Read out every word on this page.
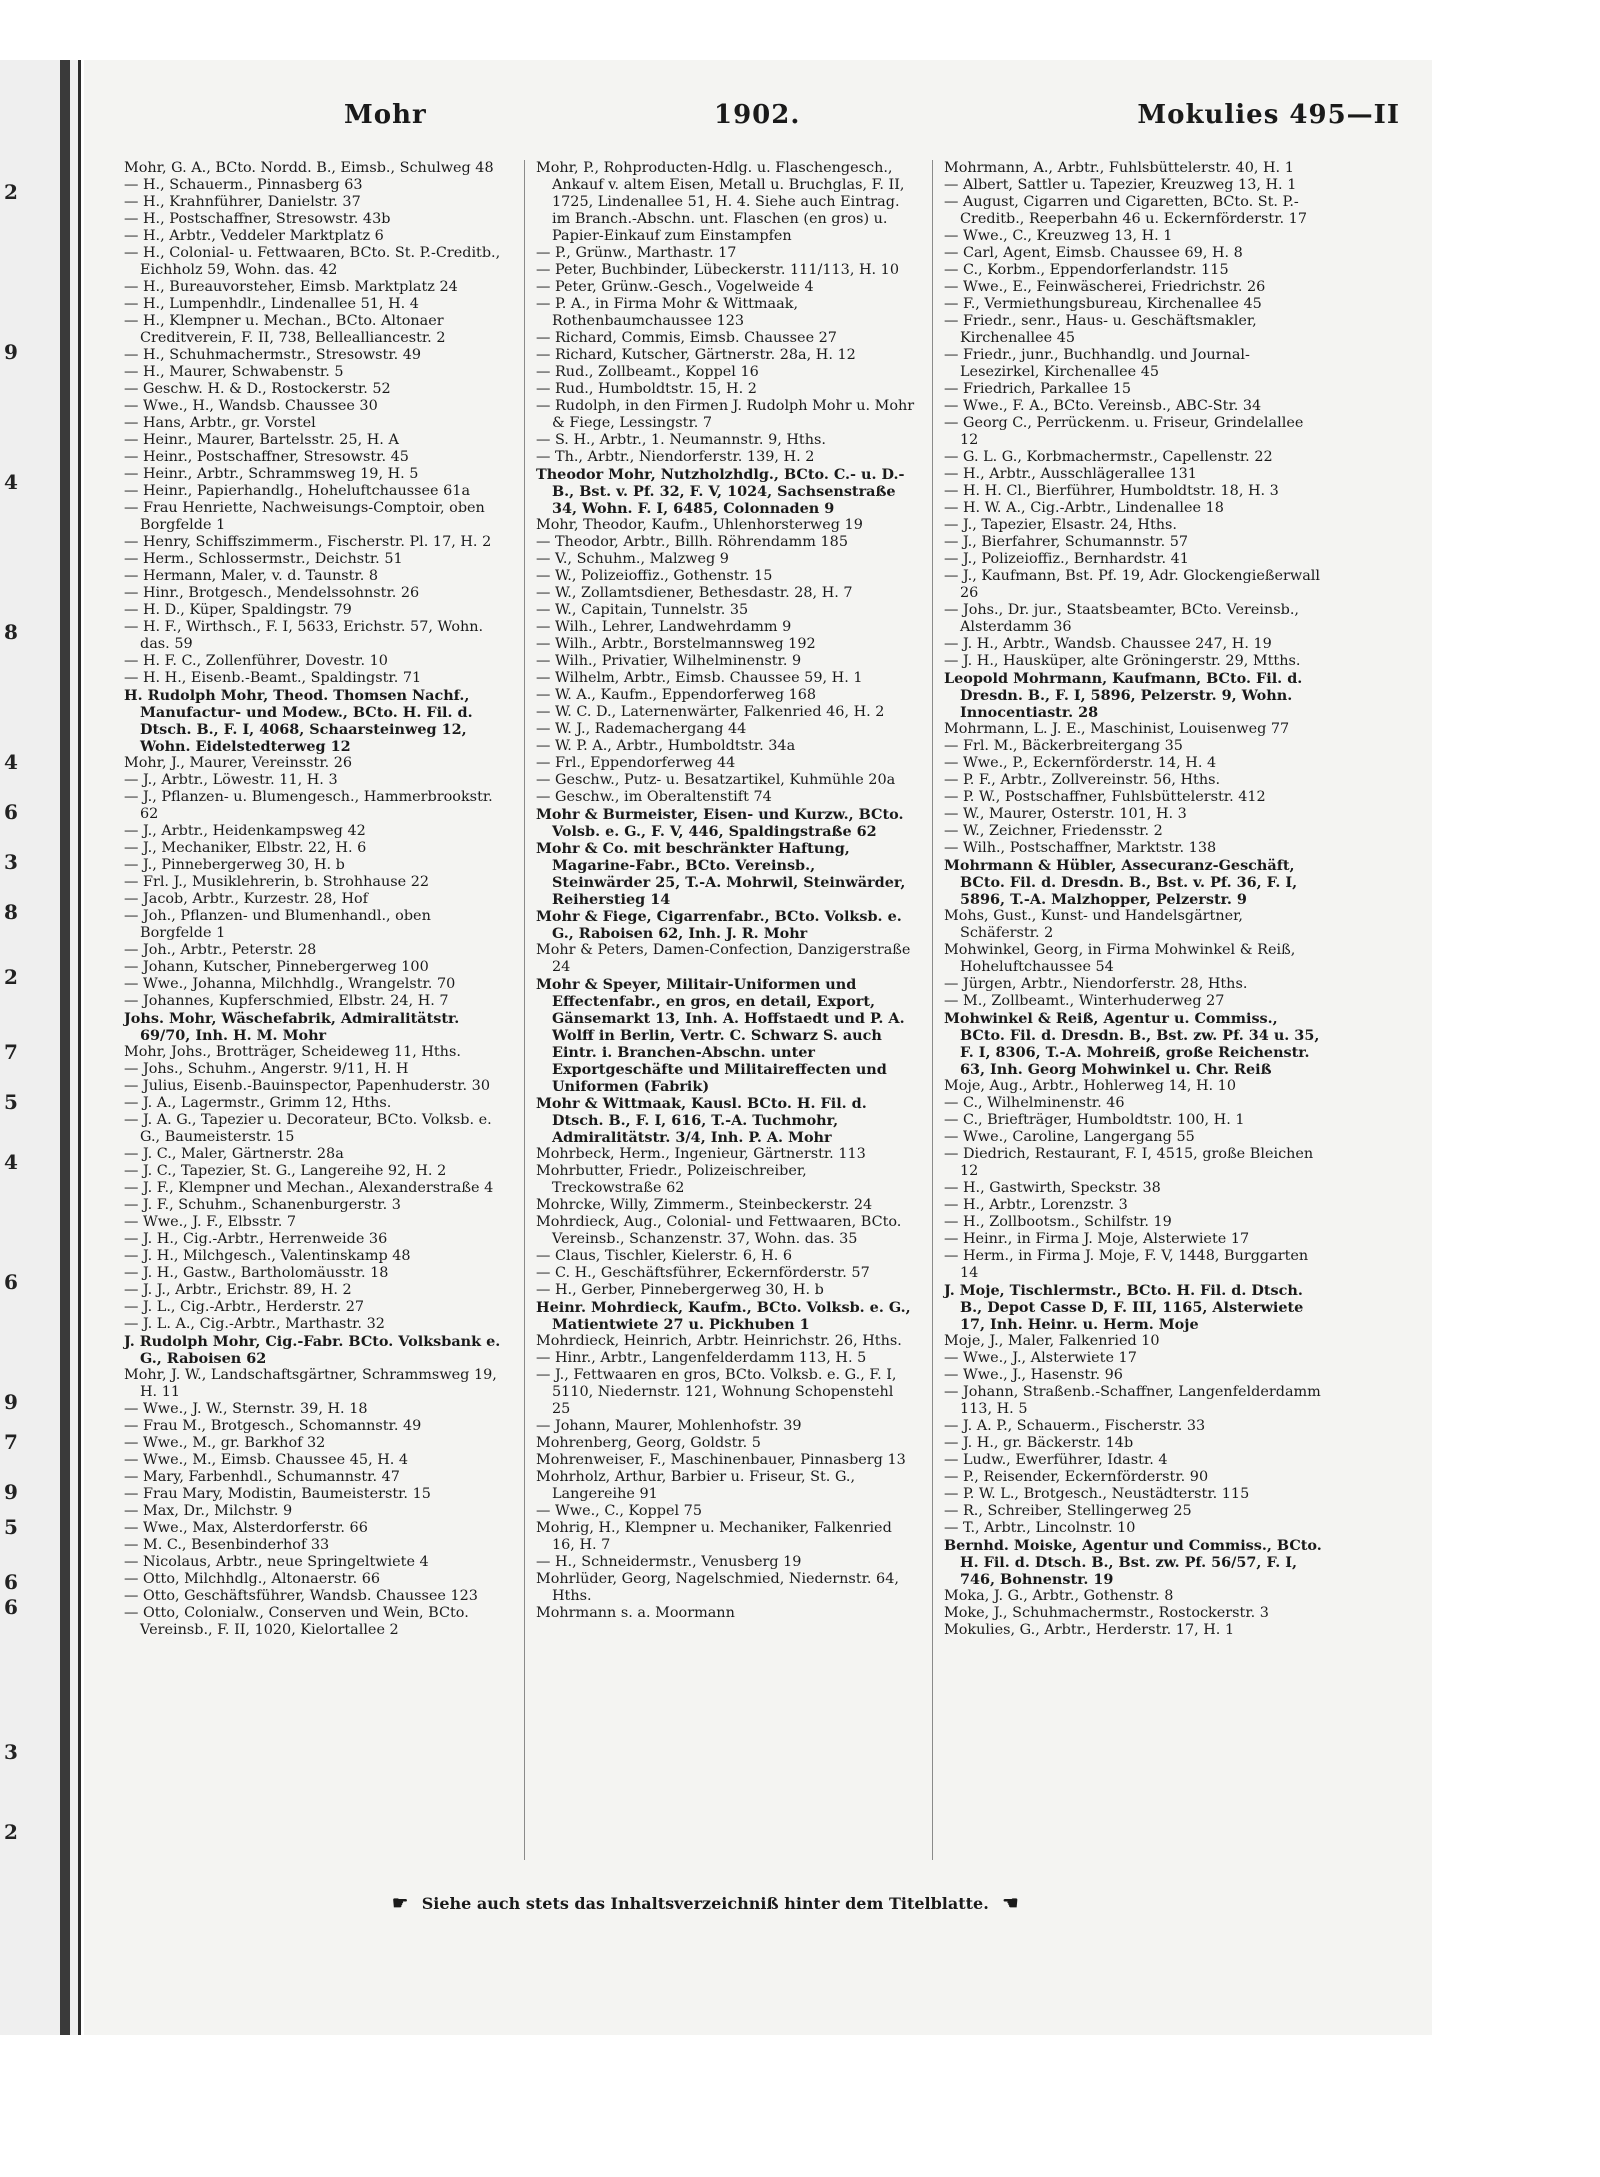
2
9
4
8
4
6
3
8
2
7
5
4
6
9
7
9
5
6
6
3
2
Mohr	1902.	Mokulies 495—II

Mohr, G. A., BCto. Nordd. B., Eimsb., Schulweg 48

— H., Schauerm., Pinnasberg 63

— H., Krahnführer, Danielstr. 37

— H., Postschaffner, Stresowstr. 43b

— H., Arbtr., Veddeler Marktplatz 6

— H., Colonial- u. Fettwaaren, BCto. St. P.-Creditb., Eichholz 59, Wohn. das. 42

— H., Bureauvorsteher, Eimsb. Marktplatz 24

— H., Lumpenhdlr., Lindenallee 51, H. 4

— H., Klempner u. Mechan., BCto. Altonaer Creditverein, F. II, 738, Bellealliancestr. 2

— H., Schuhmachermstr., Stresowstr. 49

— H., Maurer, Schwabenstr. 5

— Geschw. H. & D., Rostockerstr. 52

— Wwe., H., Wandsb. Chaussee 30

— Hans, Arbtr., gr. Vorstel

— Heinr., Maurer, Bartelsstr. 25, H. A

— Heinr., Postschaffner, Stresowstr. 45

— Heinr., Arbtr., Schrammsweg 19, H. 5

— Heinr., Papierhandlg., Hoheluftchaussee 61a

— Frau Henriette, Nachweisungs-Comptoir, oben Borgfelde 1

— Henry, Schiffszimmerm., Fischerstr. Pl. 17, H. 2

— Herm., Schlossermstr., Deichstr. 51

— Hermann, Maler, v. d. Taunstr. 8

— Hinr., Brotgesch., Mendelssohnstr. 26

— H. D., Küper, Spaldingstr. 79

— H. F., Wirthsch., F. I, 5633, Erichstr. 57, Wohn. das. 59

— H. F. C., Zollenführer, Dovestr. 10

— H. H., Eisenb.-Beamt., Spaldingstr. 71

H. Rudolph Mohr, Theod. Thomsen Nachf., Manufactur- und Modew., BCto. H. Fil. d. Dtsch. B., F. I, 4068, Schaarsteinweg 12, Wohn. Eidelstedterweg 12

Mohr, J., Maurer, Vereinsstr. 26

— J., Arbtr., Löwestr. 11, H. 3

— J., Pflanzen- u. Blumengesch., Hammerbrookstr. 62

— J., Arbtr., Heidenkampsweg 42

— J., Mechaniker, Elbstr. 22, H. 6

— J., Pinnebergerweg 30, H. b

— Frl. J., Musiklehrerin, b. Strohhause 22

— Jacob, Arbtr., Kurzestr. 28, Hof

— Joh., Pflanzen- und Blumenhandl., oben Borgfelde 1

— Joh., Arbtr., Peterstr. 28

— Johann, Kutscher, Pinnebergerweg 100

— Wwe., Johanna, Milchhdlg., Wrangelstr. 70

— Johannes, Kupferschmied, Elbstr. 24, H. 7

Johs. Mohr, Wäschefabrik, Admiralitätstr. 69/70, Inh. H. M. Mohr

Mohr, Johs., Brotträger, Scheideweg 11, Hths.

— Johs., Schuhm., Angerstr. 9/11, H. H

— Julius, Eisenb.-Bauinspector, Papenhuderstr. 30

— J. A., Lagermstr., Grimm 12, Hths.

— J. A. G., Tapezier u. Decorateur, BCto. Volksb. e. G., Baumeisterstr. 15

— J. C., Maler, Gärtnerstr. 28a

— J. C., Tapezier, St. G., Langereihe 92, H. 2

— J. F., Klempner und Mechan., Alexanderstraße 4

— J. F., Schuhm., Schanenburgerstr. 3

— Wwe., J. F., Elbsstr. 7

— J. H., Cig.-Arbtr., Herrenweide 36

— J. H., Milchgesch., Valentinskamp 48

— J. H., Gastw., Bartholomäusstr. 18

— J. J., Arbtr., Erichstr. 89, H. 2

— J. L., Cig.-Arbtr., Herderstr. 27

— J. L. A., Cig.-Arbtr., Marthastr. 32

J. Rudolph Mohr, Cig.-Fabr. BCto. Volksbank e. G., Raboisen 62

Mohr, J. W., Landschaftsgärtner, Schrammsweg 19, H. 11

— Wwe., J. W., Sternstr. 39, H. 18

— Frau M., Brotgesch., Schomannstr. 49

— Wwe., M., gr. Barkhof 32

— Wwe., M., Eimsb. Chaussee 45, H. 4

— Mary, Farbenhdl., Schumannstr. 47

— Frau Mary, Modistin, Baumeisterstr. 15

— Max, Dr., Milchstr. 9

— Wwe., Max, Alsterdorferstr. 66

— M. C., Besenbinderhof 33

— Nicolaus, Arbtr., neue Springeltwiete 4

— Otto, Milchhdlg., Altonaerstr. 66

— Otto, Geschäftsführer, Wandsb. Chaussee 123

— Otto, Colonialw., Conserven und Wein, BCto. Vereinsb., F. II, 1020, Kielortallee 2

Mohr, P., Rohproducten-Hdlg. u. Flaschengesch., Ankauf v. altem Eisen, Metall u. Bruchglas, F. II, 1725, Lindenallee 51, H. 4. Siehe auch Eintrag. im Branch.-Abschn. unt. Flaschen (en gros) u. Papier-Einkauf zum Einstampfen

— P., Grünw., Marthastr. 17

— Peter, Buchbinder, Lübeckerstr. 111/113, H. 10

— Peter, Grünw.-Gesch., Vogelweide 4

— P. A., in Firma Mohr & Wittmaak, Rothenbaumchaussee 123

— Richard, Commis, Eimsb. Chaussee 27

— Richard, Kutscher, Gärtnerstr. 28a, H. 12

— Rud., Zollbeamt., Koppel 16

— Rud., Humboldtstr. 15, H. 2

— Rudolph, in den Firmen J. Rudolph Mohr u. Mohr & Fiege, Lessingstr. 7

— S. H., Arbtr., 1. Neumannstr. 9, Hths.

— Th., Arbtr., Niendorferstr. 139, H. 2

Theodor Mohr, Nutzholzhdlg., BCto. C.- u. D.-B., Bst. v. Pf. 32, F. V, 1024, Sachsenstraße 34, Wohn. F. I, 6485, Colonnaden 9

Mohr, Theodor, Kaufm., Uhlenhorsterweg 19

— Theodor, Arbtr., Billh. Röhrendamm 185

— V., Schuhm., Malzweg 9

— W., Polizeioffiz., Gothenstr. 15

— W., Zollamtsdiener, Bethesdastr. 28, H. 7

— W., Capitain, Tunnelstr. 35

— Wilh., Lehrer, Landwehrdamm 9

— Wilh., Arbtr., Borstelmannsweg 192

— Wilh., Privatier, Wilhelminenstr. 9

— Wilhelm, Arbtr., Eimsb. Chaussee 59, H. 1

— W. A., Kaufm., Eppendorferweg 168

— W. C. D., Laternenwärter, Falkenried 46, H. 2

— W. J., Rademachergang 44

— W. P. A., Arbtr., Humboldtstr. 34a

— Frl., Eppendorferweg 44

— Geschw., Putz- u. Besatzartikel, Kuhmühle 20a

— Geschw., im Oberaltenstift 74

Mohr & Burmeister, Eisen- und Kurzw., BCto. Volsb. e. G., F. V, 446, Spaldingstraße 62

Mohr & Co. mit beschränkter Haftung, Magarine-Fabr., BCto. Vereinsb., Steinwärder 25, T.-A. Mohrwil, Steinwärder, Reiherstieg 14

Mohr & Fiege, Cigarrenfabr., BCto. Volksb. e. G., Raboisen 62, Inh. J. R. Mohr

Mohr & Peters, Damen-Confection, Danzigerstraße 24

Mohr & Speyer, Militair-Uniformen und Effectenfabr., en gros, en detail, Export, Gänsemarkt 13, Inh. A. Hoffstaedt und P. A. Wolff in Berlin, Vertr. C. Schwarz S. auch Eintr. i. Branchen-Abschn. unter Exportgeschäfte und Militaireffecten und Uniformen (Fabrik)

Mohr & Wittmaak, Kausl. BCto. H. Fil. d. Dtsch. B., F. I, 616, T.-A. Tuchmohr, Admiralitätstr. 3/4, Inh. P. A. Mohr

Mohrbeck, Herm., Ingenieur, Gärtnerstr. 113

Mohrbutter, Friedr., Polizeischreiber, Treckowstraße 62

Mohrcke, Willy, Zimmerm., Steinbeckerstr. 24

Mohrdieck, Aug., Colonial- und Fettwaaren, BCto. Vereinsb., Schanzenstr. 37, Wohn. das. 35

— Claus, Tischler, Kielerstr. 6, H. 6

— C. H., Geschäftsführer, Eckernförderstr. 57

— H., Gerber, Pinnebergerweg 30, H. b

Heinr. Mohrdieck, Kaufm., BCto. Volksb. e. G., Matientwiete 27 u. Pickhuben 1

Mohrdieck, Heinrich, Arbtr. Heinrichstr. 26, Hths.

— Hinr., Arbtr., Langenfelderdamm 113, H. 5

— J., Fettwaaren en gros, BCto. Volksb. e. G., F. I, 5110, Niedernstr. 121, Wohnung Schopenstehl 25

— Johann, Maurer, Mohlenhofstr. 39

Mohrenberg, Georg, Goldstr. 5

Mohrenweiser, F., Maschinenbauer, Pinnasberg 13

Mohrholz, Arthur, Barbier u. Friseur, St. G., Langereihe 91

— Wwe., C., Koppel 75

Mohrig, H., Klempner u. Mechaniker, Falkenried 16, H. 7

— H., Schneidermstr., Venusberg 19

Mohrlüder, Georg, Nagelschmied, Niedernstr. 64, Hths.

Mohrmann s. a. Moormann

Mohrmann, A., Arbtr., Fuhlsbüttelerstr. 40, H. 1

— Albert, Sattler u. Tapezier, Kreuzweg 13, H. 1

— August, Cigarren und Cigaretten, BCto. St. P.-Creditb., Reeperbahn 46 u. Eckernförderstr. 17

— Wwe., C., Kreuzweg 13, H. 1

— Carl, Agent, Eimsb. Chaussee 69, H. 8

— C., Korbm., Eppendorferlandstr. 115

— Wwe., E., Feinwäscherei, Friedrichstr. 26

— F., Vermiethungsbureau, Kirchenallee 45

— Friedr., senr., Haus- u. Geschäftsmakler, Kirchenallee 45

— Friedr., junr., Buchhandlg. und Journal-Lesezirkel, Kirchenallee 45

— Friedrich, Parkallee 15

— Wwe., F. A., BCto. Vereinsb., ABC-Str. 34

— Georg C., Perrückenm. u. Friseur, Grindelallee 12

— G. L. G., Korbmachermstr., Capellenstr. 22

— H., Arbtr., Ausschlägerallee 131

— H. H. Cl., Bierführer, Humboldtstr. 18, H. 3

— H. W. A., Cig.-Arbtr., Lindenallee 18

— J., Tapezier, Elsastr. 24, Hths.

— J., Bierfahrer, Schumannstr. 57

— J., Polizeioffiz., Bernhardstr. 41

— J., Kaufmann, Bst. Pf. 19, Adr. Glockengießerwall 26

— Johs., Dr. jur., Staatsbeamter, BCto. Vereinsb., Alsterdamm 36

— J. H., Arbtr., Wandsb. Chaussee 247, H. 19

— J. H., Hausküper, alte Gröningerstr. 29, Mtths.

Leopold Mohrmann, Kaufmann, BCto. Fil. d. Dresdn. B., F. I, 5896, Pelzerstr. 9, Wohn. Innocentiastr. 28

Mohrmann, L. J. E., Maschinist, Louisenweg 77

— Frl. M., Bäckerbreitergang 35

— Wwe., P., Eckernförderstr. 14, H. 4

— P. F., Arbtr., Zollvereinstr. 56, Hths.

— P. W., Postschaffner, Fuhlsbüttelerstr. 412

— W., Maurer, Osterstr. 101, H. 3

— W., Zeichner, Friedensstr. 2

— Wilh., Postschaffner, Marktstr. 138

Mohrmann & Hübler, Assecuranz-Geschäft, BCto. Fil. d. Dresdn. B., Bst. v. Pf. 36, F. I, 5896, T.-A. Malzhopper, Pelzerstr. 9

Mohs, Gust., Kunst- und Handelsgärtner, Schäferstr. 2

Mohwinkel, Georg, in Firma Mohwinkel & Reiß, Hoheluftchaussee 54

— Jürgen, Arbtr., Niendorferstr. 28, Hths.

— M., Zollbeamt., Winterhuderweg 27

Mohwinkel & Reiß, Agentur u. Commiss., BCto. Fil. d. Dresdn. B., Bst. zw. Pf. 34 u. 35, F. I, 8306, T.-A. Mohreiß, große Reichenstr. 63, Inh. Georg Mohwinkel u. Chr. Reiß

Moje, Aug., Arbtr., Hohlerweg 14, H. 10

— C., Wilhelminenstr. 46

— C., Briefträger, Humboldtstr. 100, H. 1

— Wwe., Caroline, Langergang 55

— Diedrich, Restaurant, F. I, 4515, große Bleichen 12

— H., Gastwirth, Speckstr. 38

— H., Arbtr., Lorenzstr. 3

— H., Zollbootsm., Schilfstr. 19

— Heinr., in Firma J. Moje, Alsterwiete 17

— Herm., in Firma J. Moje, F. V, 1448, Burggarten 14

J. Moje, Tischlermstr., BCto. H. Fil. d. Dtsch. B., Depot Casse D, F. III, 1165, Alsterwiete 17, Inh. Heinr. u. Herm. Moje

Moje, J., Maler, Falkenried 10

— Wwe., J., Alsterwiete 17

— Wwe., J., Hasenstr. 96

— Johann, Straßenb.-Schaffner, Langenfelderdamm 113, H. 5

— J. A. P., Schauerm., Fischerstr. 33

— J. H., gr. Bäckerstr. 14b

— Ludw., Ewerführer, Idastr. 4

— P., Reisender, Eckernförderstr. 90

— P. W. L., Brotgesch., Neustädterstr. 115

— R., Schreiber, Stellingerweg 25

— T., Arbtr., Lincolnstr. 10

Bernhd. Moiske, Agentur und Commiss., BCto. H. Fil. d. Dtsch. B., Bst. zw. Pf. 56/57, F. I, 746, Bohnenstr. 19

Moka, J. G., Arbtr., Gothenstr. 8

Moke, J., Schuhmachermstr., Rostockerstr. 3

Mokulies, G., Arbtr., Herderstr. 17, H. 1

☛ Siehe auch stets das Inhaltsverzeichniß hinter dem Titelblatte. ☚
